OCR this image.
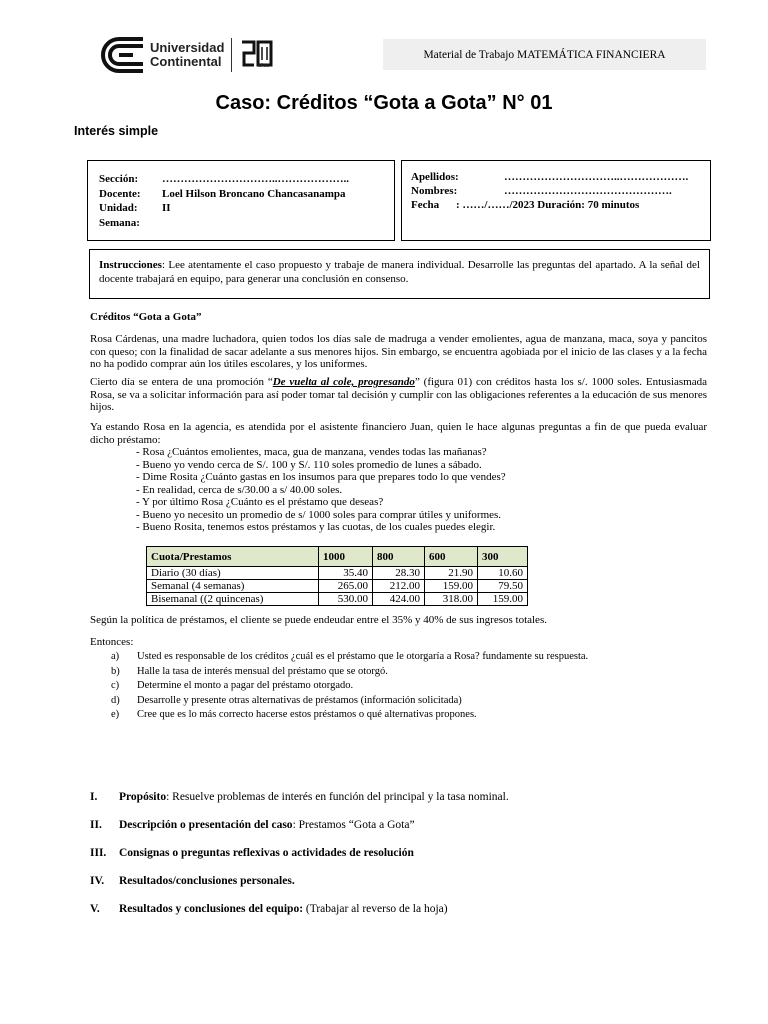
Universidad
Continental	años
Material de Trabajo MATEMÁTICA FINANCIERA
Caso: Créditos “Gota a Gota” N° 01
Interés simple
Sección: …………………………..………………..
Docente: Loel Hilson Broncano Chancasanampa
Unidad: II
Semana:
Apellidos:	…………………………..……………….
Nombres:	……………………………………….
Fecha : ……/……/2023 Duración: 70 minutos
Instrucciones: Lee atentamente el caso propuesto y trabaje de manera individual. Desarrolle las preguntas del apartado. A la señal del docente trabajará en equipo, para generar una conclusión en consenso.
Créditos “Gota a Gota”
Rosa Cárdenas, una madre luchadora, quien todos los días sale de madruga a vender emolientes, agua de manzana, maca, soya y pancitos con queso; con la finalidad de sacar adelante a sus menores hijos. Sin embargo, se encuentra agobiada por el inicio de las clases y a la fecha no ha podido comprar aún los útiles escolares, y los uniformes.
Cierto día se entera de una promoción “De vuelta al cole, progresando” (figura 01) con créditos hasta los s/. 1000 soles. Entusiasmada Rosa, se va a solicitar información para así poder tomar tal decisión y cumplir con las obligaciones referentes a la educación de sus menores hijos.
Ya estando Rosa en la agencia, es atendida por el asistente financiero Juan, quien le hace algunas preguntas a fin de que pueda evaluar dicho préstamo:
- Rosa ¿Cuántos emolientes, maca, gua de manzana, vendes todas las mañanas?
- Bueno yo vendo cerca de S/. 100 y S/. 110 soles promedio de lunes a sábado.
- Dime Rosita ¿Cuánto gastas en los insumos para que prepares todo lo que vendes?
- En realidad, cerca de s/30.00 a s/ 40.00 soles.
- Y por último Rosa ¿Cuánto es el préstamo que deseas?
- Bueno yo necesito un promedio de s/ 1000 soles para comprar útiles y uniformes.
- Bueno Rosita, tenemos estos préstamos y las cuotas, de los cuales puedes elegir.
Cuota/Prestamos	1000	800	600	300
Diario (30 días)	35.40	28.30	21.90	10.60
Semanal (4 semanas)	265.00	212.00	159.00	79.50
Bisemanal ((2 quincenas)	530.00	424.00	318.00	159.00
Según la política de préstamos, el cliente se puede endeudar entre el 35% y 40% de sus ingresos totales.
Entonces:
a) Usted es responsable de los créditos ¿cuál es el préstamo que le otorgaría a Rosa? fundamente su respuesta.
b) Halle la tasa de interés mensual del préstamo que se otorgó.
c) Determine el monto a pagar del préstamo otorgado.
d) Desarrolle y presente otras alternativas de préstamos (información solicitada)
e) Cree que es lo más correcto hacerse estos préstamos o qué alternativas propones.
I. Propósito: Resuelve problemas de interés en función del principal y la tasa nominal.
II. Descripción o presentación del caso: Prestamos “Gota a Gota”
III. Consignas o preguntas reflexivas o actividades de resolución
IV. Resultados/conclusiones personales.
V. Resultados y conclusiones del equipo: (Trabajar al reverso de la hoja)
